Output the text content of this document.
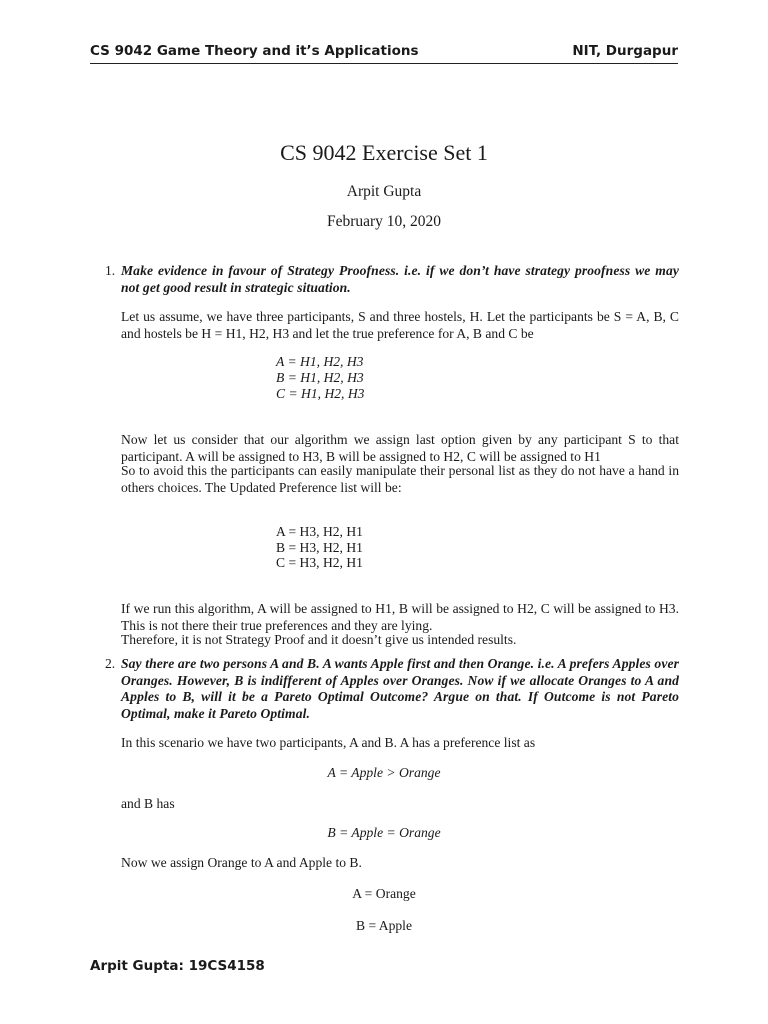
CS 9042 Game Theory and it’s Applications	NIT, Durgapur
CS 9042 Exercise Set 1
Arpit Gupta
February 10, 2020
1. Make evidence in favour of Strategy Proofness. i.e. if we don’t have strategy proofness we may not get good result in strategic situation.
Let us assume, we have three participants, S and three hostels, H. Let the participants be S = A, B, C and hostels be H = H1, H2, H3 and let the true preference for A, B and C be
A = H1, H2, H3
B = H1, H2, H3
C = H1, H2, H3
Now let us consider that our algorithm we assign last option given by any participant S to that participant. A will be assigned to H3, B will be assigned to H2, C will be assigned to H1
So to avoid this the participants can easily manipulate their personal list as they do not have a hand in others choices. The Updated Preference list will be:
A = H3, H2, H1
B = H3, H2, H1
C = H3, H2, H1
If we run this algorithm, A will be assigned to H1, B will be assigned to H2, C will be assigned to H3. This is not there their true preferences and they are lying.
Therefore, it is not Strategy Proof and it doesn’t give us intended results.
2. Say there are two persons A and B. A wants Apple first and then Orange. i.e. A prefers Apples over Oranges. However, B is indifferent of Apples over Oranges. Now if we allocate Oranges to A and Apples to B, will it be a Pareto Optimal Outcome? Argue on that. If Outcome is not Pareto Optimal, make it Pareto Optimal.
In this scenario we have two participants, A and B. A has a preference list as
A = Apple > Orange
and B has
B = Apple = Orange
Now we assign Orange to A and Apple to B.
A = Orange
B = Apple
Arpit Gupta: 19CS4158
